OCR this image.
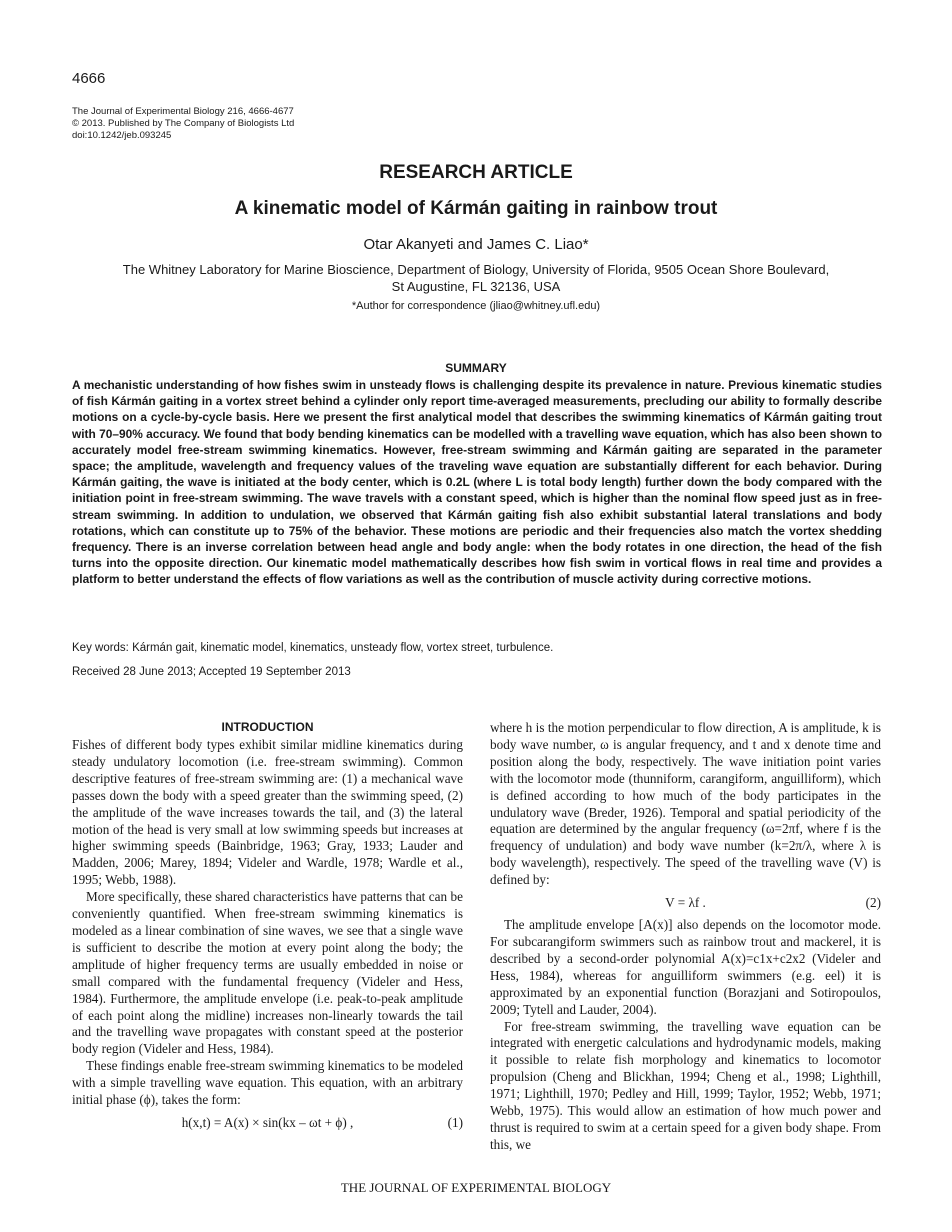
4666
The Journal of Experimental Biology 216, 4666-4677
© 2013. Published by The Company of Biologists Ltd
doi:10.1242/jeb.093245
RESEARCH ARTICLE
A kinematic model of Kármán gaiting in rainbow trout
Otar Akanyeti and James C. Liao*
The Whitney Laboratory for Marine Bioscience, Department of Biology, University of Florida, 9505 Ocean Shore Boulevard,
St Augustine, FL 32136, USA
*Author for correspondence (jliao@whitney.ufl.edu)
SUMMARY
A mechanistic understanding of how fishes swim in unsteady flows is challenging despite its prevalence in nature. Previous kinematic studies of fish Kármán gaiting in a vortex street behind a cylinder only report time-averaged measurements, precluding our ability to formally describe motions on a cycle-by-cycle basis. Here we present the first analytical model that describes the swimming kinematics of Kármán gaiting trout with 70–90% accuracy. We found that body bending kinematics can be modelled with a travelling wave equation, which has also been shown to accurately model free-stream swimming kinematics. However, free-stream swimming and Kármán gaiting are separated in the parameter space; the amplitude, wavelength and frequency values of the traveling wave equation are substantially different for each behavior. During Kármán gaiting, the wave is initiated at the body center, which is 0.2L (where L is total body length) further down the body compared with the initiation point in free-stream swimming. The wave travels with a constant speed, which is higher than the nominal flow speed just as in free-stream swimming. In addition to undulation, we observed that Kármán gaiting fish also exhibit substantial lateral translations and body rotations, which can constitute up to 75% of the behavior. These motions are periodic and their frequencies also match the vortex shedding frequency. There is an inverse correlation between head angle and body angle: when the body rotates in one direction, the head of the fish turns into the opposite direction. Our kinematic model mathematically describes how fish swim in vortical flows in real time and provides a platform to better understand the effects of flow variations as well as the contribution of muscle activity during corrective motions.
Key words: Kármán gait, kinematic model, kinematics, unsteady flow, vortex street, turbulence.
Received 28 June 2013; Accepted 19 September 2013
INTRODUCTION

Fishes of different body types exhibit similar midline kinematics during steady undulatory locomotion (i.e. free-stream swimming). Common descriptive features of free-stream swimming are: (1) a mechanical wave passes down the body with a speed greater than the swimming speed, (2) the amplitude of the wave increases towards the tail, and (3) the lateral motion of the head is very small at low swimming speeds but increases at higher swimming speeds (Bainbridge, 1963; Gray, 1933; Lauder and Madden, 2006; Marey, 1894; Videler and Wardle, 1978; Wardle et al., 1995; Webb, 1988).

More specifically, these shared characteristics have patterns that can be conveniently quantified. When free-stream swimming kinematics is modeled as a linear combination of sine waves, we see that a single wave is sufficient to describe the motion at every point along the body; the amplitude of higher frequency terms are usually embedded in noise or small compared with the fundamental frequency (Videler and Hess, 1984). Furthermore, the amplitude envelope (i.e. peak-to-peak amplitude of each point along the midline) increases non-linearly towards the tail and the travelling wave propagates with constant speed at the posterior body region (Videler and Hess, 1984).

These findings enable free-stream swimming kinematics to be modeled with a simple travelling wave equation. This equation, with an arbitrary initial phase (ϕ), takes the form:

h(x,t) = A(x) × sin(kx – ωt + ϕ) ,	(1)

where h is the motion perpendicular to flow direction, A is amplitude, k is body wave number, ω is angular frequency, and t and x denote time and position along the body, respectively. The wave initiation point varies with the locomotor mode (thunniform, carangiform, anguilliform), which is defined according to how much of the body participates in the undulatory wave (Breder, 1926). Temporal and spatial periodicity of the equation are determined by the angular frequency (ω=2πf, where f is the frequency of undulation) and body wave number (k=2π/λ, where λ is body wavelength), respectively. The speed of the travelling wave (V) is defined by:

V = λf .	(2)

The amplitude envelope [A(x)] also depends on the locomotor mode. For subcarangiform swimmers such as rainbow trout and mackerel, it is described by a second-order polynomial A(x)=c1x+c2x2 (Videler and Hess, 1984), whereas for anguilliform swimmers (e.g. eel) it is approximated by an exponential function (Borazjani and Sotiropoulos, 2009; Tytell and Lauder, 2004).

For free-stream swimming, the travelling wave equation can be integrated with energetic calculations and hydrodynamic models, making it possible to relate fish morphology and kinematics to locomotor propulsion (Cheng and Blickhan, 1994; Cheng et al., 1998; Lighthill, 1971; Lighthill, 1970; Pedley and Hill, 1999; Taylor, 1952; Webb, 1971; Webb, 1975). This would allow an estimation of how much power and thrust is required to swim at a certain speed for a given body shape. From this, we

THE JOURNAL OF EXPERIMENTAL BIOLOGY
